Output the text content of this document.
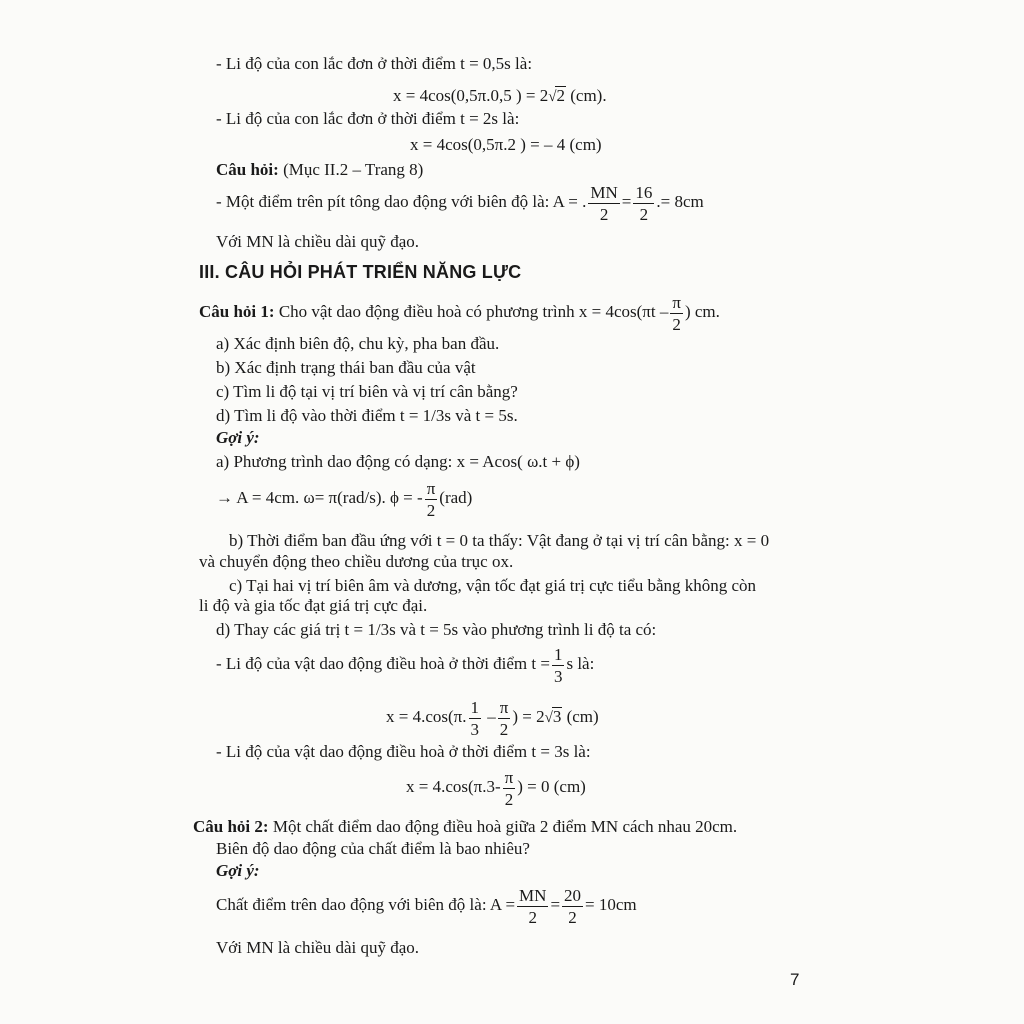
- Li độ của con lắc đơn ở thời điểm t = 0,5s là:
x = 4cos(0,5π.0,5 ) = 2√2 (cm).
- Li độ của con lắc đơn ở thời điểm t = 2s là:
x = 4cos(0,5π.2 ) = – 4 (cm)
Câu hỏi: (Mục II.2 – Trang 8)
- Một điểm trên pít tông dao động với biên độ là: A = . $\frac{MN}{2} = \frac{16}{2}$ .= 8cm
Với MN là chiều dài quỹ đạo.
III. CÂU HỎI PHÁT TRIỂN NĂNG LỰC
Câu hỏi 1: Cho vật dao động điều hoà có phương trình $x = 4\cos(\pi t - \frac{\pi}{2}$ ) cm.
a) Xác định biên độ, chu kỳ, pha ban đầu.
b) Xác định trạng thái ban đầu của vật
c) Tìm li độ tại vị trí biên và vị trí cân bằng?
d) Tìm li độ vào thời điểm t = 1/3s và t = 5s.
Gợi ý:
a) Phương trình dao động có dạng: x = Acos( ω.t + ϕ)
→ A = 4cm. ω= π(rad/s). ϕ = - $\frac{\pi}{2} (rad)$
b) Thời điểm ban đầu ứng với t = 0 ta thấy: Vật đang ở tại vị trí cân bằng: x = 0
và chuyển động theo chiều dương của trục ox.
c) Tại hai vị trí biên âm và dương, vận tốc đạt giá trị cực tiểu bằng không còn
li độ và gia tốc đạt giá trị cực đại.
d) Thay các giá trị t = 1/3s và t = 5s vào phương trình li độ ta có:
- Li độ của vật dao động điều hoà ở thời điểm $t = \frac{1}{3}$ s là:
x = 4.cos(π. $\frac{1}{3} - \frac{\pi}{2}$ ) = 2√3 (cm)
- Li độ của vật dao động điều hoà ở thời điểm t = 3s là:
$x = 4.\cos(\pi.3- \frac{\pi}{2}$ ) = 0 (cm)
Câu hỏi 2: Một chất điểm dao động điều hoà giữa 2 điểm MN cách nhau 20cm.
Biên độ dao động của chất điểm là bao nhiêu?
Gợi ý:
Chất điểm trên dao động với biên độ là: $A = \frac{MN}{2} = \frac{20}{2} = 10cm$
Với MN là chiều dài quỹ đạo.
7
